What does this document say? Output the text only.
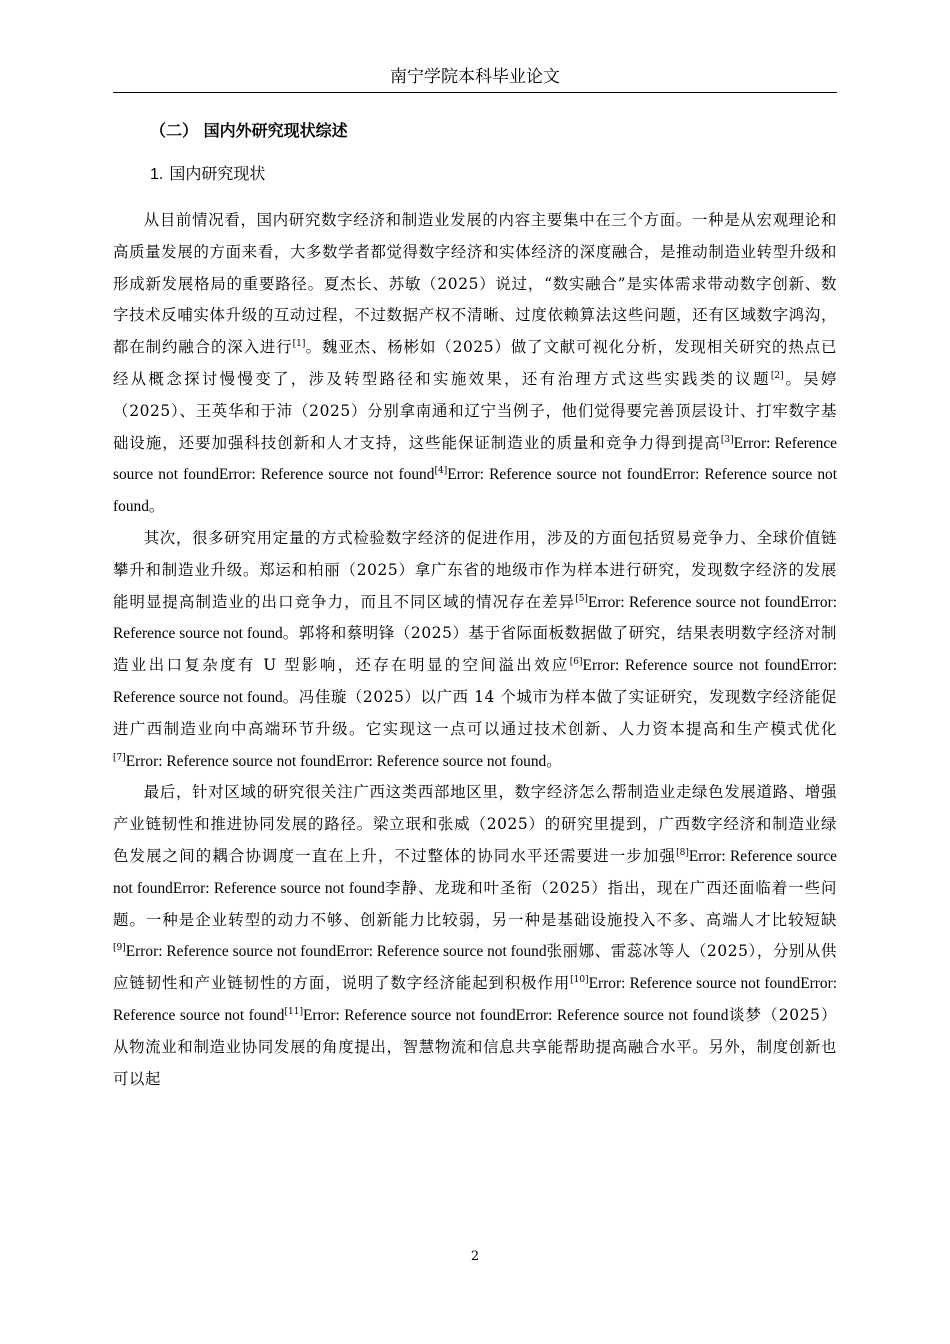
南宁学院本科毕业论文
（二） 国内外研究现状综述
1. 国内研究现状

从目前情况看，国内研究数字经济和制造业发展的内容主要集中在三个方面。一种是从宏观理论和高质量发展的方面来看，大多数学者都觉得数字经济和实体经济的深度融合，是推动制造业转型升级和形成新发展格局的重要路径。夏杰长、苏敏（2025）说过，“数实融合”是实体需求带动数字创新、数字技术反哺实体升级的互动过程，不过数据产权不清晰、过度依赖算法这些问题，还有区域数字鸿沟，都在制约融合的深入进行[1]。魏亚杰、杨彬如（2025）做了文献可视化分析，发现相关研究的热点已经从概念探讨慢慢变了，涉及转型路径和实施效果，还有治理方式这些实践类的议题[2]。吴婷（2025）、王英华和于沛（2025）分别拿南通和辽宁当例子，他们觉得要完善顶层设计、打牢数字基础设施，还要加强科技创新和人才支持，这些能保证制造业的质量和竞争力得到提高[3]Error: Reference source not foundError: Reference source not found[4]Error: Reference source not foundError: Reference source not found。

其次，很多研究用定量的方式检验数字经济的促进作用，涉及的方面包括贸易竞争力、全球价值链攀升和制造业升级。郑运和柏丽（2025）拿广东省的地级市作为样本进行研究，发现数字经济的发展能明显提高制造业的出口竞争力，而且不同区域的情况存在差异[5]Error: Reference source not foundError: Reference source not found。郭将和蔡明锋（2025）基于省际面板数据做了研究，结果表明数字经济对制造业出口复杂度有 U 型影响，还存在明显的空间溢出效应[6]Error: Reference source not foundError: Reference source not found。冯佳璇（2025）以广西 14 个城市为样本做了实证研究，发现数字经济能促进广西制造业向中高端环节升级。它实现这一点可以通过技术创新、人力资本提高和生产模式优化[7]Error: Reference source not foundError: Reference source not found。

最后，针对区域的研究很关注广西这类西部地区里，数字经济怎么帮制造业走绿色发展道路、增强产业链韧性和推进协同发展的路径。梁立珉和张威（2025）的研究里提到，广西数字经济和制造业绿色发展之间的耦合协调度一直在上升，不过整体的协同水平还需要进一步加强[8]Error: Reference source not foundError: Reference source not found李静、龙珑和叶圣衔（2025）指出，现在广西还面临着一些问题。一种是企业转型的动力不够、创新能力比较弱，另一种是基础设施投入不多、高端人才比较短缺[9]Error: Reference source not foundError: Reference source not found张丽娜、雷蕊冰等人（2025），分别从供应链韧性和产业链韧性的方面，说明了数字经济能起到积极作用[10]Error: Reference source not foundError: Reference source not found[11]Error: Reference source not foundError: Reference source not found谈梦（2025）从物流业和制造业协同发展的角度提出，智慧物流和信息共享能帮助提高融合水平。另外，制度创新也可以起

2
